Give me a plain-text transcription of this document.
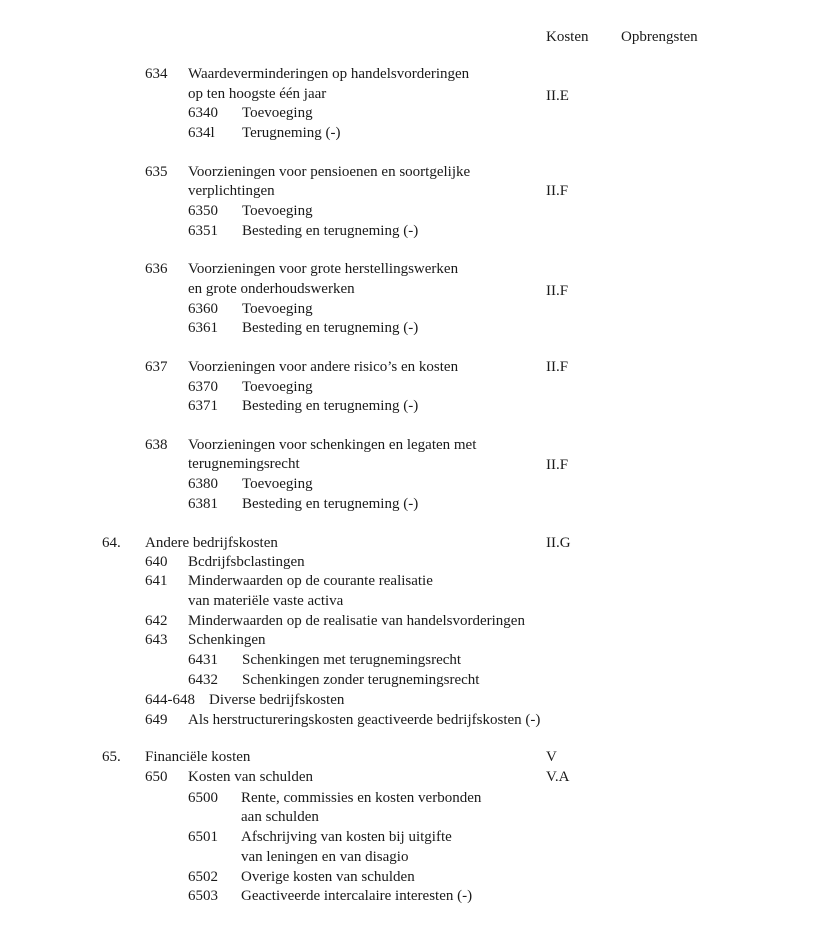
Kosten Opbrengsten
634 Waardeverminderingen op handelsvorderingen
op ten hoogste één jaar	II.E
6340 Toevoeging
634l Terugneming (-)
635 Voorzieningen voor pensioenen en soortgelijke
verplichtingen	II.F
6350 Toevoeging
6351 Besteding en terugneming (-)
636 Voorzieningen voor grote herstellingswerken
en grote onderhoudswerken	II.F
6360 Toevoeging
6361 Besteding en terugneming (-)
637 Voorzieningen voor andere risico’s en kosten	II.F
6370 Toevoeging
6371 Besteding en terugneming (-)
638 Voorzieningen voor schenkingen en legaten met
terugnemingsrecht	II.F
6380 Toevoeging
6381 Besteding en terugneming (-)
64. Andere bedrijfskosten	II.G
640 Bcdrijfsbclastingen
641 Minderwaarden op de courante realisatie
van materiële vaste activa
642 Minderwaarden op de realisatie van handelsvorderingen
643 Schenkingen
6431 Schenkingen met terugnemingsrecht
6432 Schenkingen zonder terugnemingsrecht
644-648 Diverse bedrijfskosten
649 Als herstructureringskosten geactiveerde bedrijfskosten (-)
65. Financiële kosten	V
650 Kosten van schulden	V.A
6500 Rente, commissies en kosten verbonden
aan schulden
6501 Afschrijving van kosten bij uitgifte
van leningen en van disagio
6502 Overige kosten van schulden
6503 Geactiveerde intercalaire interesten (-)
